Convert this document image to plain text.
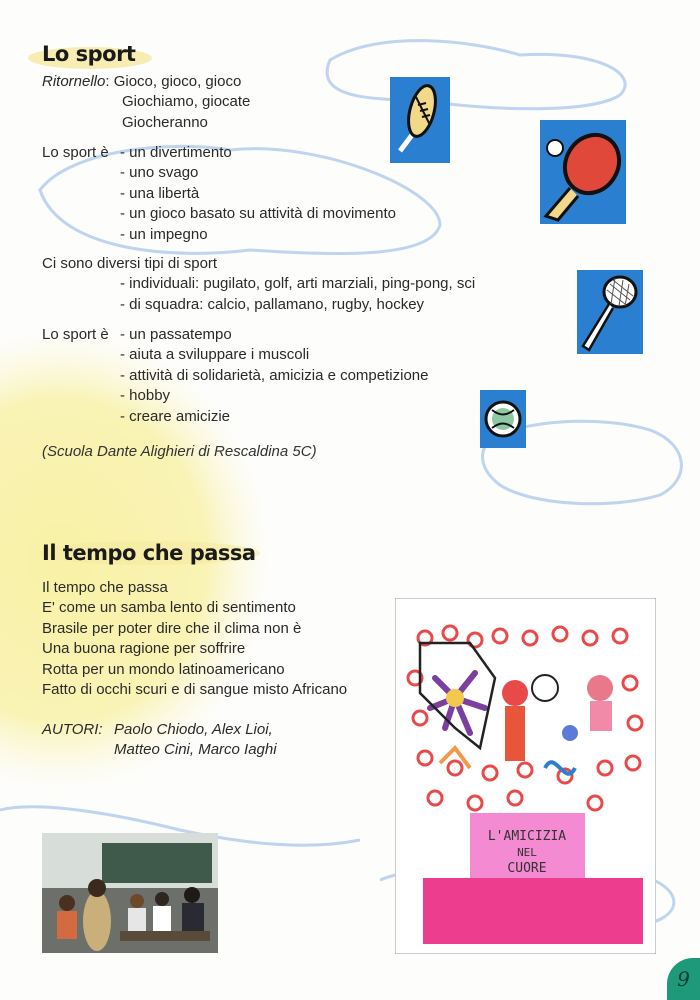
Lo sport
Ritornello: Gioco, gioco, gioco
Giochiamo, giocate
Giocheranno
Lo sport è - un divertimento
- uno svago
- una libertà
- un gioco basato su attività di movimento
- un impegno
Ci sono diversi tipi di sport
- individuali: pugilato, golf, arti marziali, ping-pong, sci
- di squadra: calcio, pallamano, rugby, hockey
Lo sport è - un passatempo
- aiuta a sviluppare i muscoli
- attività di solidarietà, amicizia e competizione
- hobby
- creare amicizie
(Scuola Dante Alighieri di Rescaldina 5C)
Il tempo che passa
Il tempo che passa
E' come un samba lento di sentimento
Brasile per poter dire che il clima non è
Una buona ragione per soffrire
Rotta per un mondo latinoamericano
Fatto di occhi scuri e di sangue misto Africano
AUTORI: Paolo Chiodo, Alex Lioi,
Matteo Cini, Marco Iaghi
L'AMICIZIA
NEL
CUORE
9
